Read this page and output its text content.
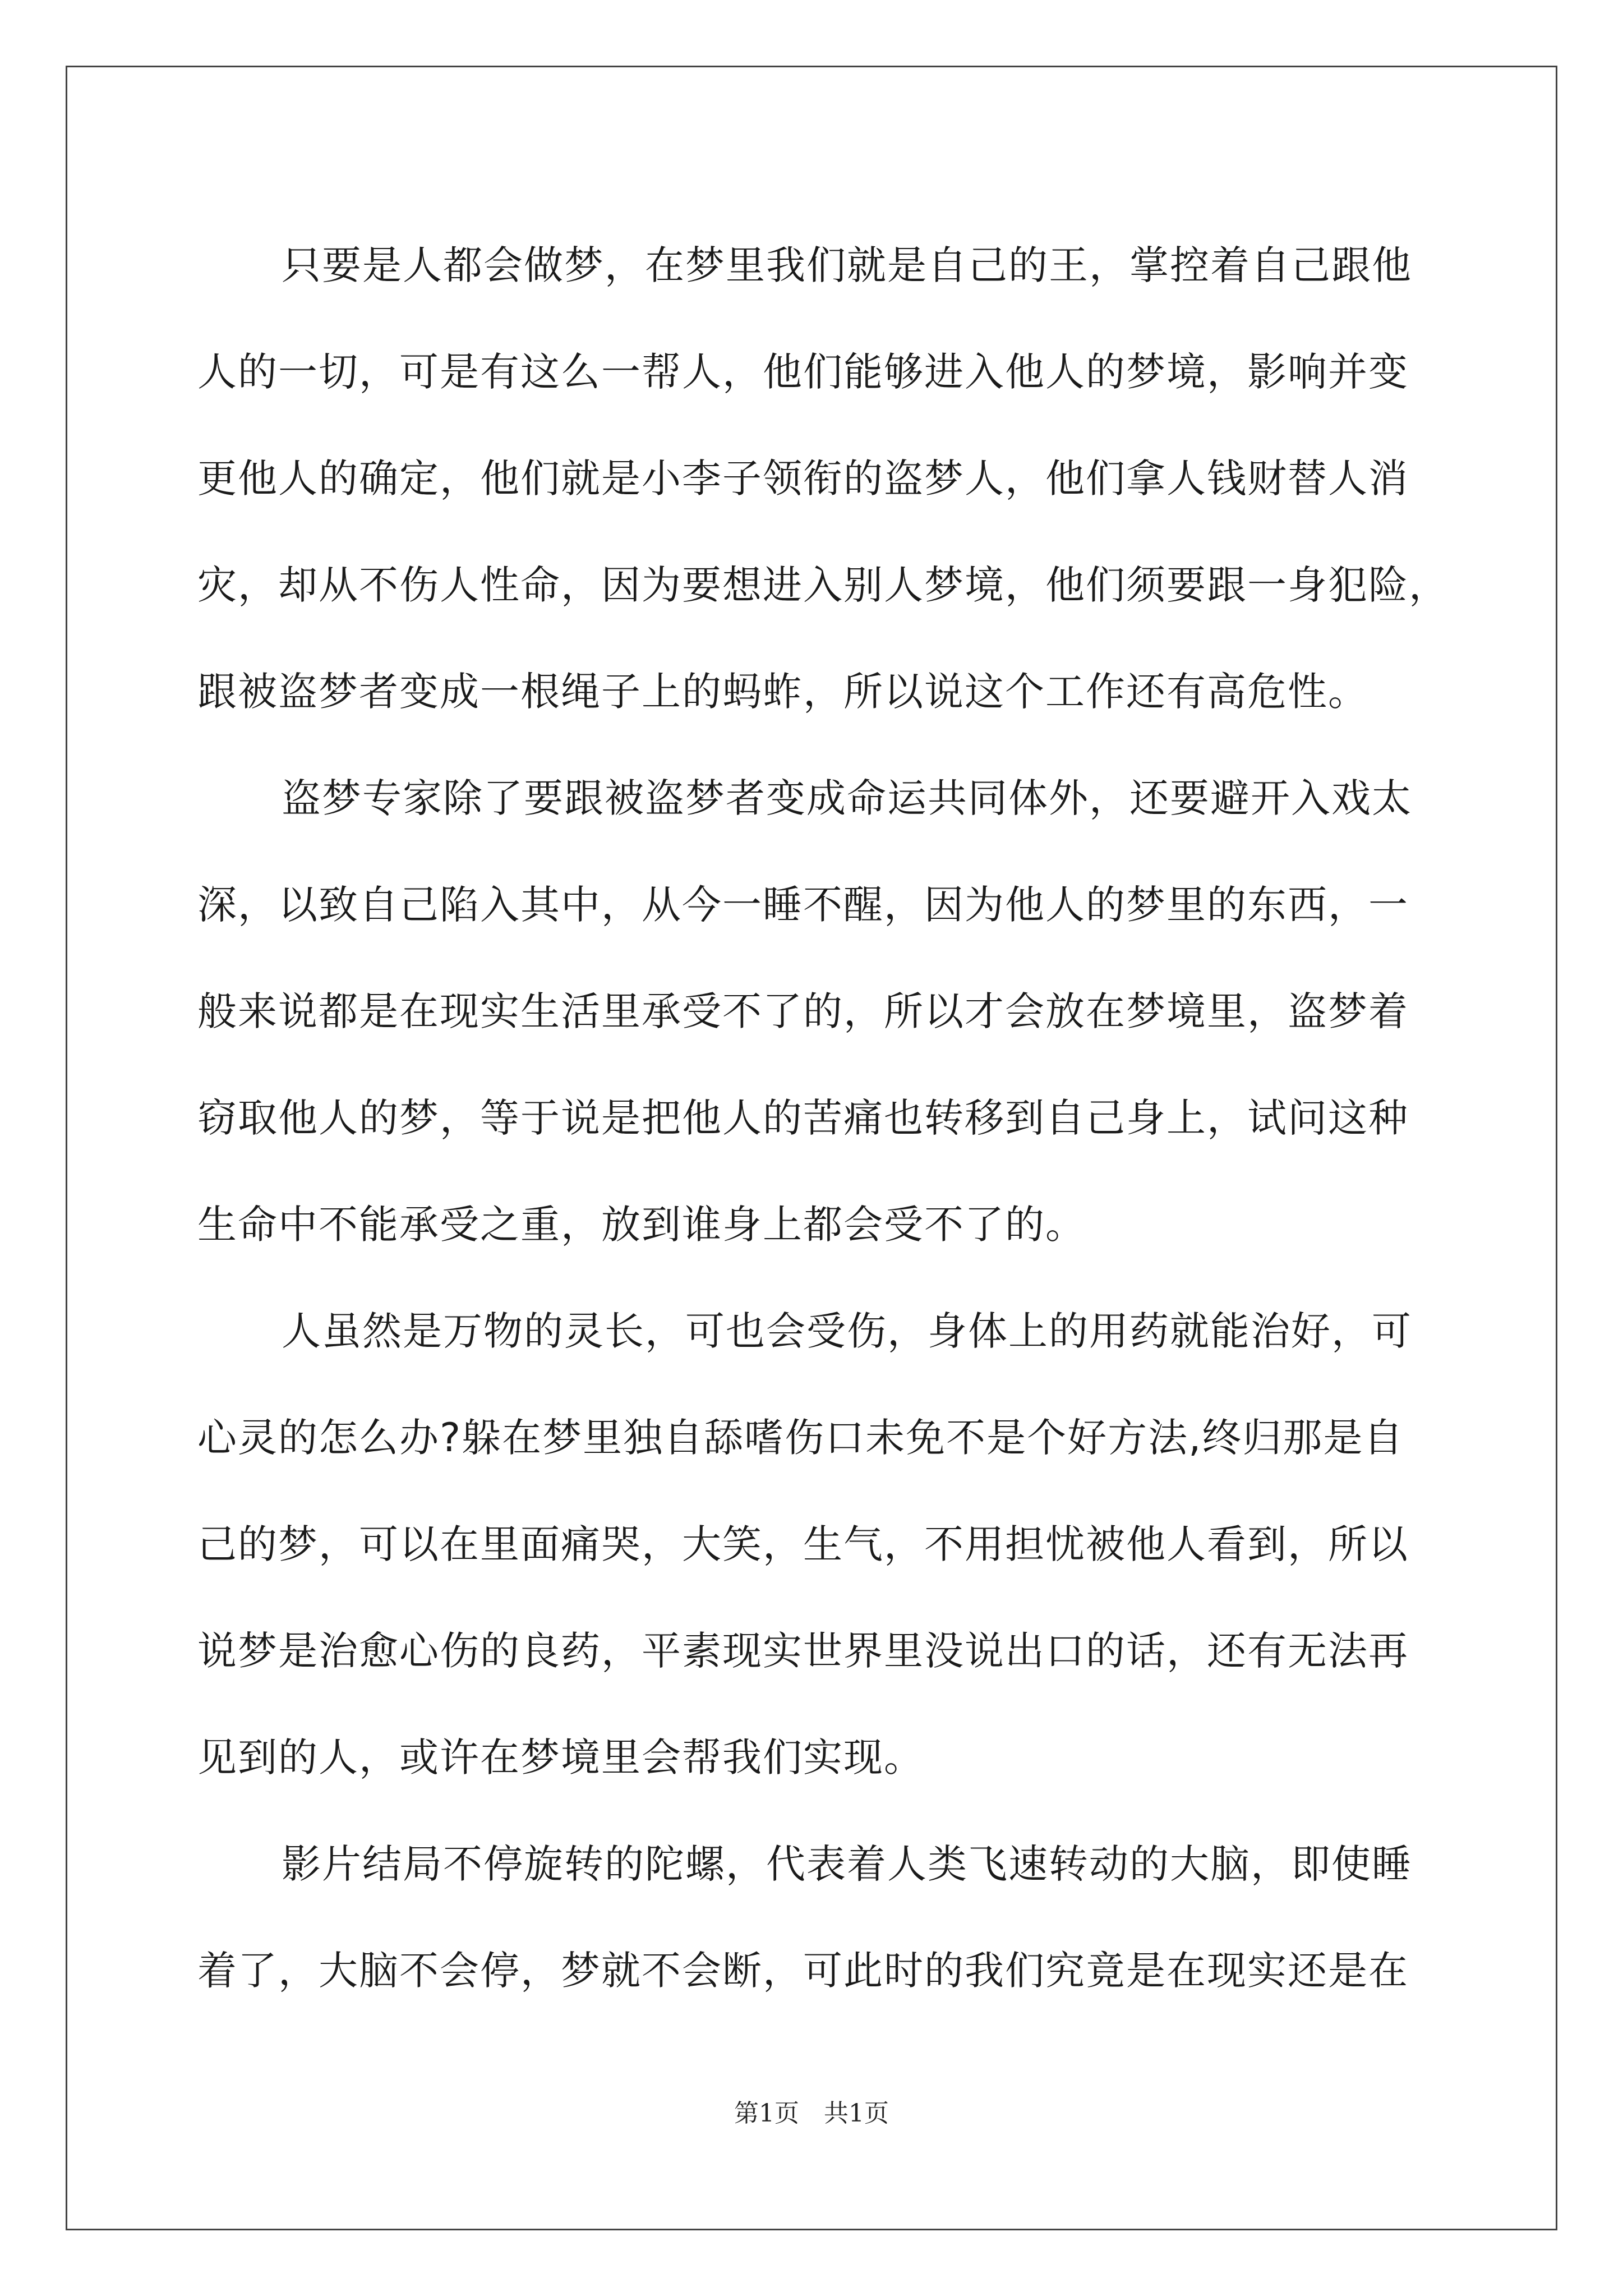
只要是人都会做梦，在梦里我们就是自己的王，掌控着自己跟他
人的一切，可是有这么一帮人，他们能够进入他人的梦境，影响并变
更他人的确定，他们就是小李子领衔的盗梦人，他们拿人钱财替人消
灾，却从不伤人性命，因为要想进入别人梦境，他们须要跟一身犯险，
跟被盗梦者变成一根绳子上的蚂蚱，所以说这个工作还有高危性。
盗梦专家除了要跟被盗梦者变成命运共同体外，还要避开入戏太
深，以致自己陷入其中，从今一睡不醒，因为他人的梦里的东西，一
般来说都是在现实生活里承受不了的，所以才会放在梦境里，盗梦着
窃取他人的梦，等于说是把他人的苦痛也转移到自己身上，试问这种
生命中不能承受之重，放到谁身上都会受不了的。
人虽然是万物的灵长，可也会受伤，身体上的用药就能治好，可
心灵的怎么办?躲在梦里独自舔嗜伤口未免不是个好方法,终归那是自
己的梦，可以在里面痛哭，大笑，生气，不用担忧被他人看到，所以
说梦是治愈心伤的良药，平素现实世界里没说出口的话，还有无法再
见到的人，或许在梦境里会帮我们实现。
影片结局不停旋转的陀螺，代表着人类飞速转动的大脑，即使睡
着了，大脑不会停，梦就不会断，可此时的我们究竟是在现实还是在
第1页 共1页
